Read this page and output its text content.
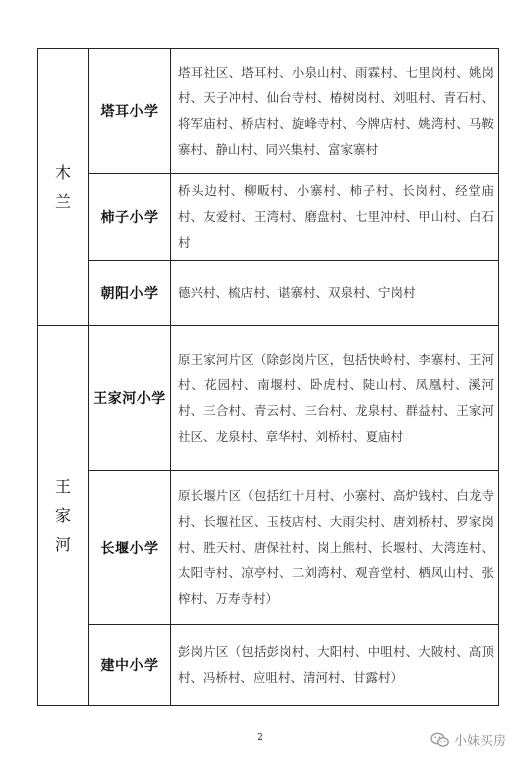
木兰	塔耳小学	塔耳社区、塔耳村、小泉山村、雨霖村、七里岗村、姚岗村、天子冲村、仙台寺村、椿树岗村、刘咀村、青石村、将军庙村、桥店村、旋峰寺村、今牌店村、姚湾村、马鞍寨村、静山村、同兴集村、富家寨村
	柿子小学	桥头边村、柳畈村、小寨村、柿子村、长岗村、经堂庙村、友爱村、王湾村、磨盘村、七里冲村、甲山村、白石村
	朝阳小学	德兴村、梳店村、谌寨村、双泉村、宁岗村

王家河	王家河小学	原王家河片区（除彭岗片区，包括快岭村、李寨村、王河村、花园村、南堰村、卧虎村、陡山村、凤凰村、溪河村、三合村、青云村、三台村、龙泉村、群益村、王家河社区、龙泉村、章华村、刘桥村、夏庙村
	长堰小学	原长堰片区（包括红十月村、小寨村、高炉钱村、白龙寺村、长堰社区、玉枝店村、大雨尖村、唐刘桥村、罗家岗村、胜天村、唐保社村、岗上熊村、长堰村、大湾连村、太阳寺村、凉亭村、二刘湾村、观音堂村、栖凤山村、张榨村、万寿寺村）
	建中小学	彭岗片区（包括彭岗村、大阳村、中咀村、大陂村、高顶村、冯桥村、应咀村、清河村、甘露村）
2	小妹买房
